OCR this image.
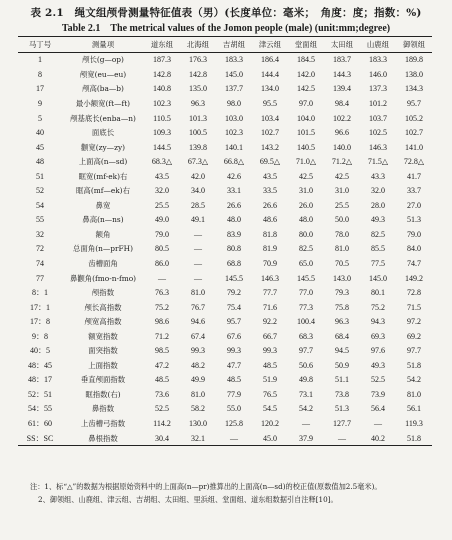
表 2.1　绳文组颅骨测量特征值表（男）(长度单位：毫米；　角度：度；指数：%)
Table 2.1　The metrical values of the Jomon people (male) (unit:mm;degree)
马丁号	测量项	道东组	北海组	吉胡组	津云组	堂面组	太田组	山鹿组	御领组
1	颅长(g—op)	187.3	176.3	183.3	186.4	184.5	183.7	183.3	189.8
8	颅宽(eu—eu)	142.8	142.8	145.0	144.4	142.0	144.3	146.0	138.0
17	颅高(ba—b)	140.8	135.0	137.7	134.0	142.5	139.4	137.3	134.3
9	最小额宽(ft—ft)	102.3	96.3	98.0	95.5	97.0	98.4	101.2	95.7
5	颅基底长(enba—n)	110.5	101.3	103.0	103.4	104.0	102.2	103.7	105.2
40	面底长	109.3	100.5	102.3	102.7	101.5	96.6	102.5	102.7
45	颧宽(zy—zy)	144.5	139.8	140.1	143.2	140.5	140.0	146.3	141.0
48	上面高(n—sd)	68.3△	67.3△	66.8△	69.5△	71.0△	71.2△	71.5△	72.8△
51	眶宽(mf-ek)右	43.5	42.0	42.6	43.5	42.5	42.5	43.3	41.7
52	眶高(mf—ek)右	32.0	34.0	33.1	33.5	31.0	31.0	32.0	33.7
54	鼻宽	25.5	28.5	26.6	26.6	26.0	25.5	28.0	27.0
55	鼻高(n—ns)	49.0	49.1	48.0	48.6	48.0	50.0	49.3	51.3
32	额角	79.0	—	83.9	81.8	80.0	78.0	82.5	79.0
72	总面角(n—prFH)	80.5	—	80.8	81.9	82.5	81.0	85.5	84.0
74	齿槽面角	86.0	—	68.8	70.9	65.0	70.5	77.5	74.7
77	鼻颧角(fmo-n-fmo)	—	—	145.5	146.3	145.5	143.0	145.0	149.2
8：1	颅指数	76.3	81.0	79.2	77.7	77.0	79.3	80.1	72.8
17：1	颅长高指数	75.2	76.7	75.4	71.6	77.3	75.8	75.2	71.5
17：8	颅宽高指数	98.6	94.6	95.7	92.2	100.4	96.3	94.3	97.2
9：8	额宽指数	71.2	67.4	67.6	66.7	68.3	68.4	69.3	69.2
40：5	面突指数	98.5	99.3	99.3	99.3	97.7	94.5	97.6	97.7
48：45	上面指数	47.2	48.2	47.7	48.5	50.6	50.9	49.3	51.8
48：17	垂直颅面指数	48.5	49.9	48.5	51.9	49.8	51.1	52.5	54.2
52：51	眶指数(右)	73.6	81.0	77.9	76.5	73.1	73.8	73.9	81.0
54：55	鼻指数	52.5	58.2	55.0	54.5	54.2	51.3	56.4	56.1
61：60	上齿槽弓指数	114.2	130.0	125.8	120.2	—	127.7	—	119.3
SS：SC	鼻根指数	30.4	32.1	—	45.0	37.9	—	40.2	51.8

注：1、标“△”的数据为根据原始资料中的上面高(n—pr)推算出的上面高(n—sd)的校正值(原数值加2.5毫米)。

2、御领组、山鹿组、津云组、吉胡组、太田组、里浜组、堂面组、道东组数据引自注释[10]。
